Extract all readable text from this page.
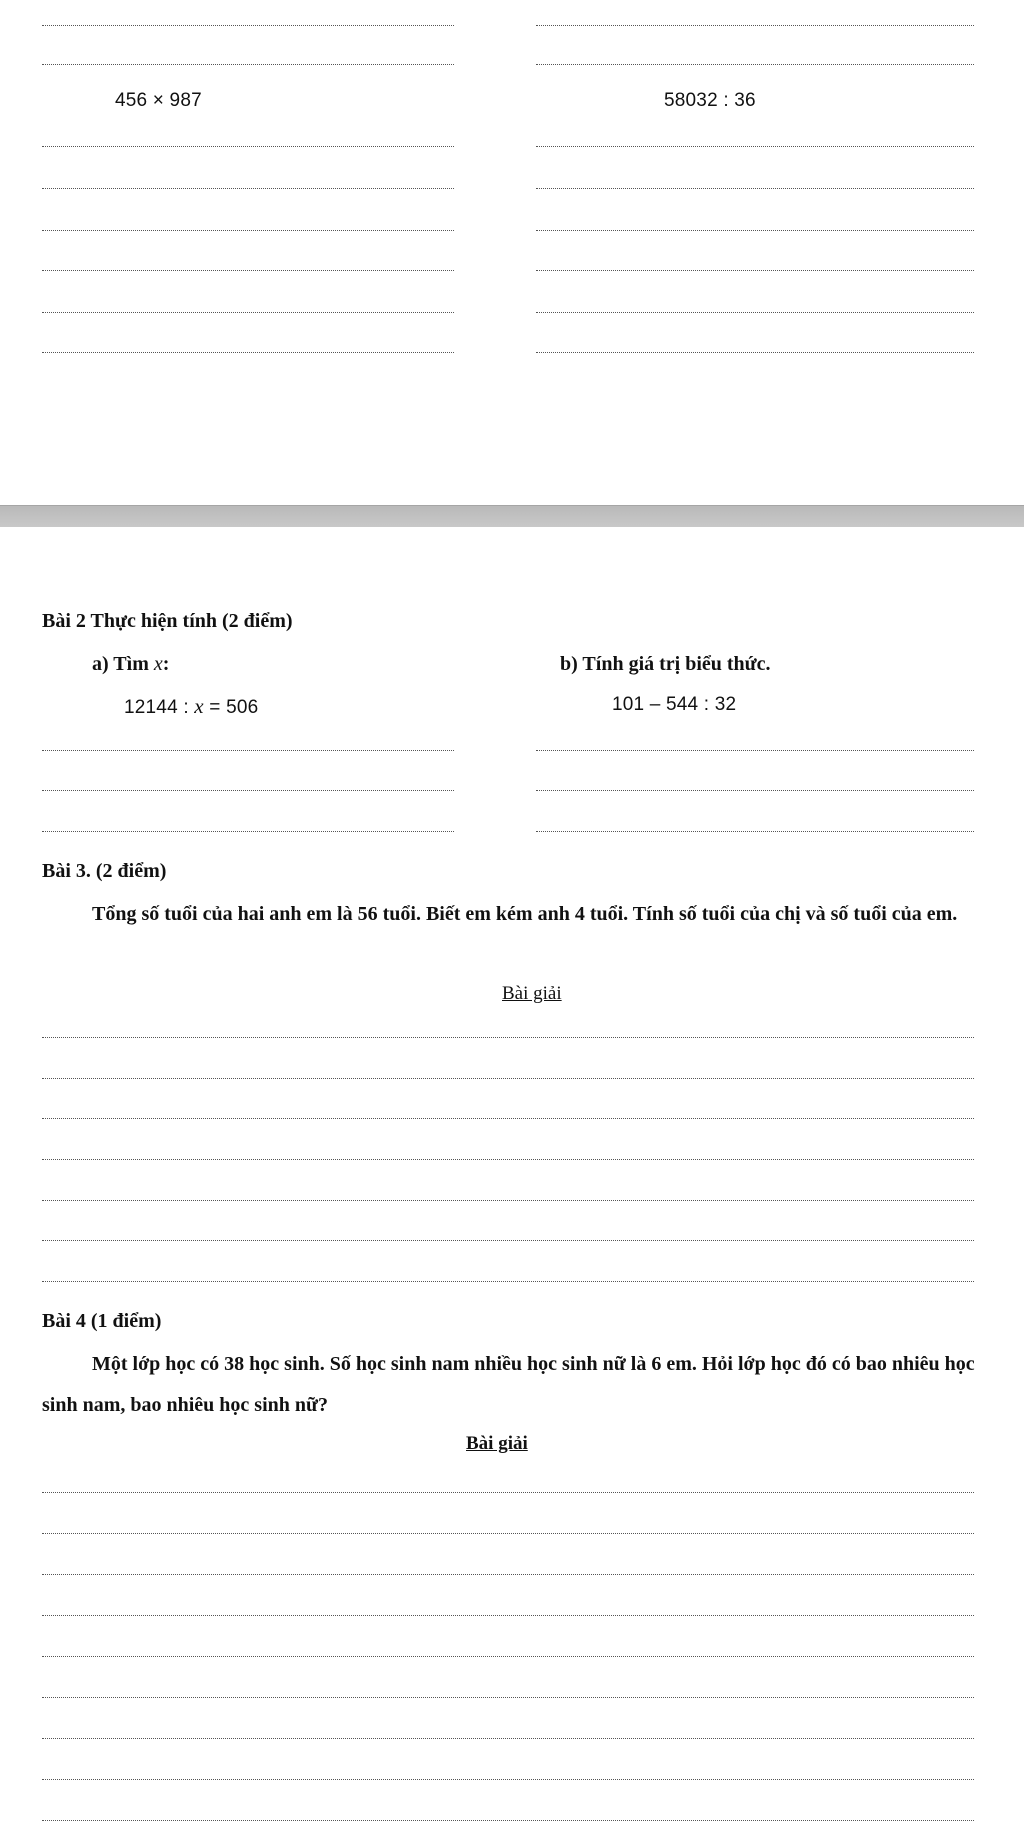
456 × 987	58032 : 36
Bài 2 Thực hiện tính (2 điểm)
a) Tìm x:	b) Tính giá trị biểu thức.
12144 : x = 506	101 – 544 : 32
Bài 3. (2 điểm)
Tổng số tuổi của hai anh em là 56 tuổi. Biết em kém anh 4 tuổi. Tính số tuổi của chị và số tuổi của em.
Bài giải
Bài 4 (1 điểm)
Một lớp học có 38 học sinh. Số học sinh nam nhiều học sinh nữ là 6 em. Hỏi lớp học đó có bao nhiêu học sinh nam, bao nhiêu học sinh nữ?
Bài giải
